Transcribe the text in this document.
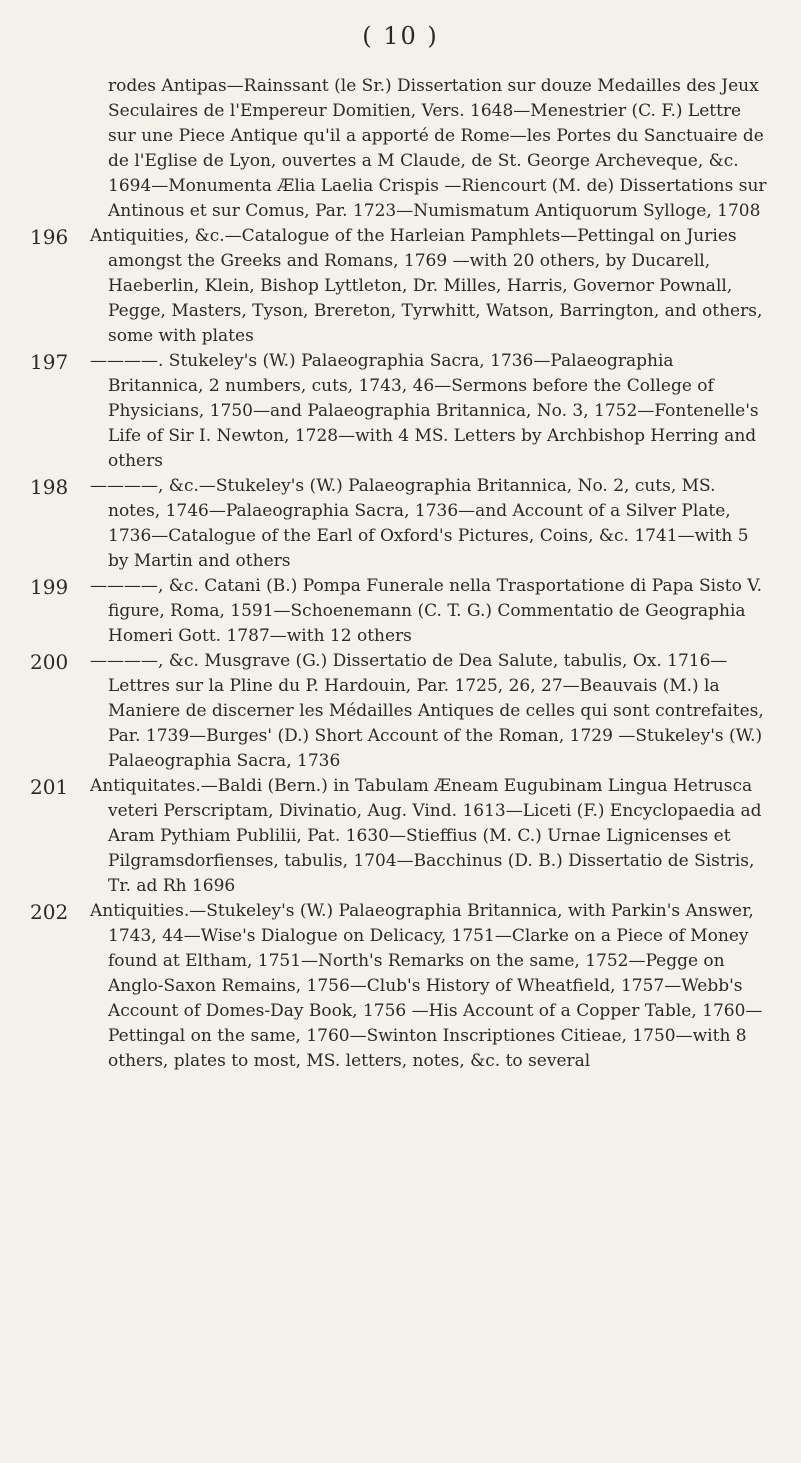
( 10 )
rodes Antipas—Rainssant (le Sr.) Dissertation sur douze Medailles des Jeux Seculaires de l'Empereur Domitien, Vers. 1648—Menestrier (C. F.) Lettre sur une Piece Antique qu'il a apporté de Rome—les Portes du Sanctuaire de de l'Eglise de Lyon, ouvertes a M Claude, de St. George Archeveque, &c. 1694—Monumenta Ælia Laelia Crispis —Riencourt (M. de) Dissertations sur Antinous et sur Comus, Par. 1723—Numismatum Antiquorum Sylloge, 1708
196	Antiquities, &c.—Catalogue of the Harleian Pamphlets—Pettingal on Juries amongst the Greeks and Romans, 1769 —with 20 others, by Ducarell, Haeberlin, Klein, Bishop Lyttleton, Dr. Milles, Harris, Governor Pownall, Pegge, Masters, Tyson, Brereton, Tyrwhitt, Watson, Barrington, and others, some with plates
197	————. Stukeley's (W.) Palaeographia Sacra, 1736—Palaeographia Britannica, 2 numbers, cuts, 1743, 46—Sermons before the College of Physicians, 1750—and Palaeographia Britannica, No. 3, 1752—Fontenelle's Life of Sir I. Newton, 1728—with 4 MS. Letters by Archbishop Herring and others
198	————, &c.—Stukeley's (W.) Palaeographia Britannica, No. 2, cuts, MS. notes, 1746—Palaeographia Sacra, 1736—and Account of a Silver Plate, 1736—Catalogue of the Earl of Oxford's Pictures, Coins, &c. 1741—with 5 by Martin and others
199	————, &c. Catani (B.) Pompa Funerale nella Trasportatione di Papa Sisto V. figure, Roma, 1591—Schoenemann (C. T. G.) Commentatio de Geographia Homeri Gott. 1787—with 12 others
200	————, &c. Musgrave (G.) Dissertatio de Dea Salute, tabulis, Ox. 1716—Lettres sur la Pline du P. Hardouin, Par. 1725, 26, 27—Beauvais (M.) la Maniere de discerner les Médailles Antiques de celles qui sont contrefaites, Par. 1739—Burges' (D.) Short Account of the Roman, 1729 —Stukeley's (W.) Palaeographia Sacra, 1736
201	Antiquitates.—Baldi (Bern.) in Tabulam Æneam Eugubinam Lingua Hetrusca veteri Perscriptam, Divinatio, Aug. Vind. 1613—Liceti (F.) Encyclopaedia ad Aram Pythiam Publilii, Pat. 1630—Stieffius (M. C.) Urnae Lignicenses et Pilgramsdorfienses, tabulis, 1704—Bacchinus (D. B.) Dissertatio de Sistris, Tr. ad Rh 1696
202	Antiquities.—Stukeley's (W.) Palaeographia Britannica, with Parkin's Answer, 1743, 44—Wise's Dialogue on Delicacy, 1751—Clarke on a Piece of Money found at Eltham, 1751—North's Remarks on the same, 1752—Pegge on Anglo-Saxon Remains, 1756—Club's History of Wheatfield, 1757—Webb's Account of Domes-Day Book, 1756 —His Account of a Copper Table, 1760—Pettingal on the same, 1760—Swinton Inscriptiones Citieae, 1750—with 8 others, plates to most, MS. letters, notes, &c. to several
